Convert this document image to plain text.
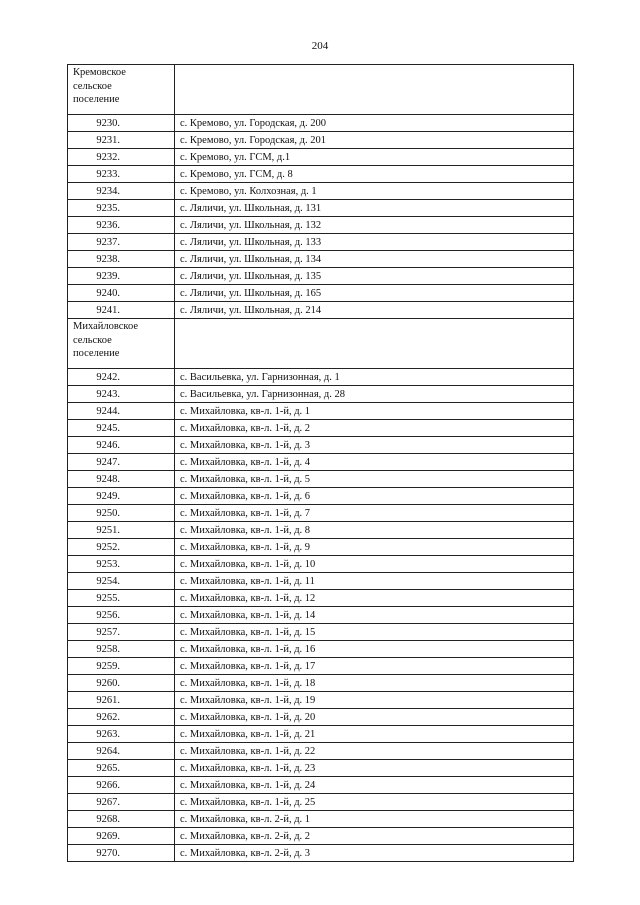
204
Кремовское
сельское
поселение	

9230.	с. Кремово, ул. Городская, д. 200
9231.	с. Кремово, ул. Городская, д. 201
9232.	с. Кремово, ул. ГСМ, д.1
9233.	с. Кремово, ул. ГСМ, д. 8
9234.	с. Кремово, ул. Колхозная, д. 1
9235.	с. Ляличи, ул. Школьная, д. 131
9236.	с. Ляличи, ул. Школьная, д. 132
9237.	с. Ляличи, ул. Школьная, д. 133
9238.	с. Ляличи, ул. Школьная, д. 134
9239.	с. Ляличи, ул. Школьная, д. 135
9240.	с. Ляличи, ул. Школьная, д. 165
9241.	с. Ляличи, ул. Школьная, д. 214

Михайловское
сельское
поселение	

9242.	с. Васильевка, ул. Гарнизонная, д. 1
9243.	с. Васильевка, ул. Гарнизонная, д. 28
9244.	с. Михайловка, кв-л. 1-й, д. 1
9245.	с. Михайловка, кв-л. 1-й, д. 2
9246.	с. Михайловка, кв-л. 1-й, д. 3
9247.	с. Михайловка, кв-л. 1-й, д. 4
9248.	с. Михайловка, кв-л. 1-й, д. 5
9249.	с. Михайловка, кв-л. 1-й, д. 6
9250.	с. Михайловка, кв-л. 1-й, д. 7
9251.	с. Михайловка, кв-л. 1-й, д. 8
9252.	с. Михайловка, кв-л. 1-й, д. 9
9253.	с. Михайловка, кв-л. 1-й, д. 10
9254.	с. Михайловка, кв-л. 1-й, д. 11
9255.	с. Михайловка, кв-л. 1-й, д. 12
9256.	с. Михайловка, кв-л. 1-й, д. 14
9257.	с. Михайловка, кв-л. 1-й, д. 15
9258.	с. Михайловка, кв-л. 1-й, д. 16
9259.	с. Михайловка, кв-л. 1-й, д. 17
9260.	с. Михайловка, кв-л. 1-й, д. 18
9261.	с. Михайловка, кв-л. 1-й, д. 19
9262.	с. Михайловка, кв-л. 1-й, д. 20
9263.	с. Михайловка, кв-л. 1-й, д. 21
9264.	с. Михайловка, кв-л. 1-й, д. 22
9265.	с. Михайловка, кв-л. 1-й, д. 23
9266.	с. Михайловка, кв-л. 1-й, д. 24
9267.	с. Михайловка, кв-л. 1-й, д. 25
9268.	с. Михайловка, кв-л. 2-й, д. 1
9269.	с. Михайловка, кв-л. 2-й, д. 2
9270.	с. Михайловка, кв-л. 2-й, д. 3
